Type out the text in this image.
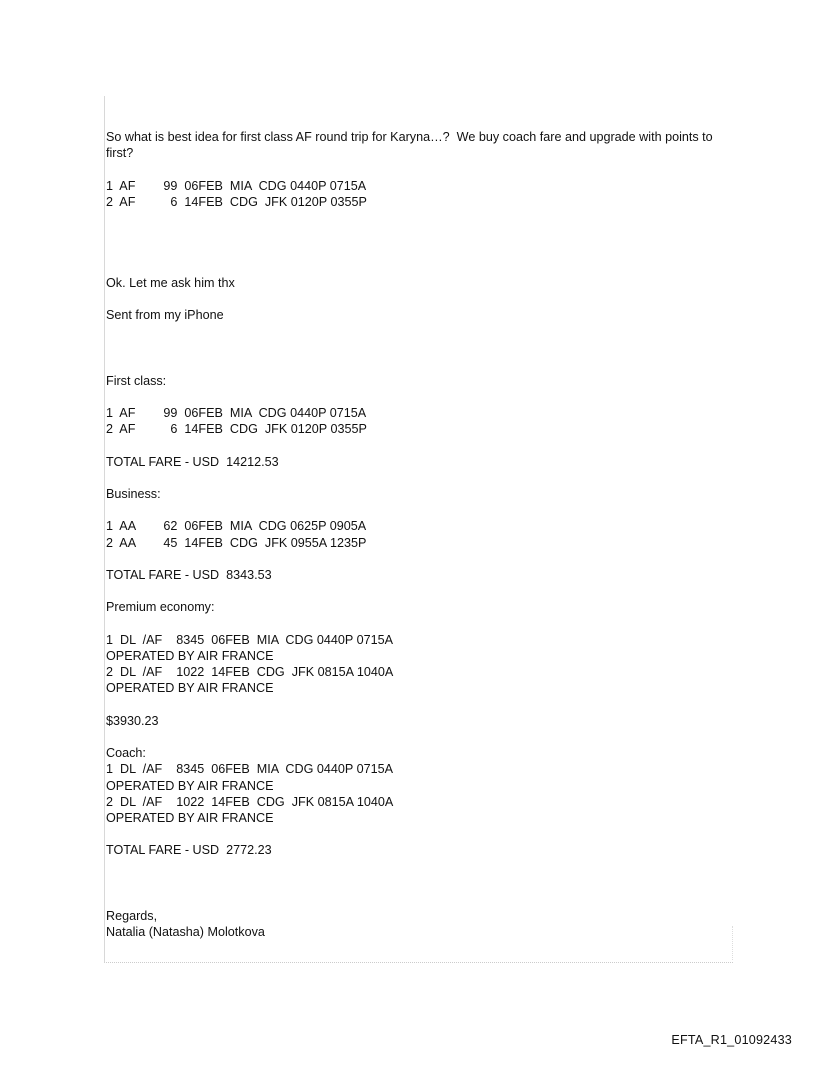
So what is best idea for first class AF round trip for Karyna…?  We buy coach fare and upgrade with points to first?

1  AF        99  06FEB  MIA  CDG 0440P 0715A
2  AF          6  14FEB  CDG  JFK 0120P 0355P

Ok. Let me ask him thx

Sent from my iPhone

First class:

1  AF        99  06FEB  MIA  CDG 0440P 0715A
2  AF          6  14FEB  CDG  JFK 0120P 0355P

TOTAL FARE - USD  14212.53

Business:

1  AA        62  06FEB  MIA  CDG 0625P 0905A
2  AA        45  14FEB  CDG  JFK 0955A 1235P

TOTAL FARE - USD  8343.53

Premium economy:

1  DL  /AF    8345  06FEB  MIA  CDG 0440P 0715A
OPERATED BY AIR FRANCE
2  DL  /AF    1022  14FEB  CDG  JFK 0815A 1040A
OPERATED BY AIR FRANCE

$3930.23

Coach:

1  DL  /AF    8345  06FEB  MIA  CDG 0440P 0715A
OPERATED BY AIR FRANCE
2  DL  /AF    1022  14FEB  CDG  JFK 0815A 1040A
OPERATED BY AIR FRANCE

TOTAL FARE - USD  2772.23

Regards,

Natalia (Natasha) Molotkova

EFTA_R1_01092433
